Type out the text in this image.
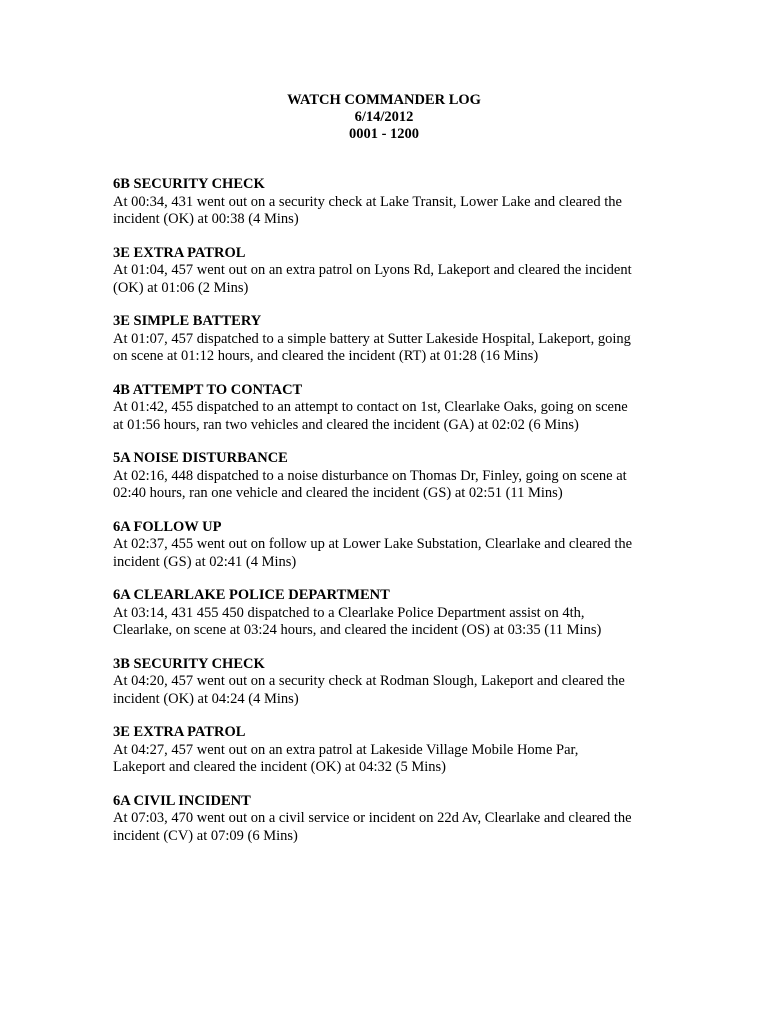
WATCH COMMANDER LOG
6/14/2012
0001 - 1200
6B SECURITY CHECK
At 00:34, 431 went out on a security check at Lake Transit, Lower Lake and cleared the
incident (OK) at 00:38 (4 Mins)
3E EXTRA PATROL
At 01:04, 457 went out on an extra patrol on Lyons Rd, Lakeport and cleared the incident
(OK) at 01:06 (2 Mins)
3E SIMPLE BATTERY
At 01:07, 457 dispatched to a simple battery at Sutter Lakeside Hospital, Lakeport, going
on scene at 01:12 hours, and cleared the incident (RT) at 01:28 (16 Mins)
4B ATTEMPT TO CONTACT
At 01:42, 455 dispatched to an attempt to contact on 1st, Clearlake Oaks, going on scene
at 01:56 hours, ran two vehicles and cleared the incident (GA) at 02:02 (6 Mins)
5A NOISE DISTURBANCE
At 02:16, 448 dispatched to a noise disturbance on Thomas Dr, Finley, going on scene at
02:40 hours, ran one vehicle and cleared the incident (GS) at 02:51 (11 Mins)
6A FOLLOW UP
At 02:37, 455 went out on follow up at Lower Lake Substation, Clearlake and cleared the
incident (GS) at 02:41 (4 Mins)
6A CLEARLAKE POLICE DEPARTMENT
At 03:14, 431 455 450 dispatched to a Clearlake Police Department assist on 4th,
Clearlake, on scene at 03:24 hours, and cleared the incident (OS) at 03:35 (11 Mins)
3B SECURITY CHECK
At 04:20, 457 went out on a security check at Rodman Slough, Lakeport and cleared the
incident (OK) at 04:24 (4 Mins)
3E EXTRA PATROL
At 04:27, 457 went out on an extra patrol at Lakeside Village Mobile Home Par,
Lakeport and cleared the incident (OK) at 04:32 (5 Mins)
6A CIVIL INCIDENT
At 07:03, 470 went out on a civil service or incident on 22d Av, Clearlake and cleared the
incident (CV) at 07:09 (6 Mins)
